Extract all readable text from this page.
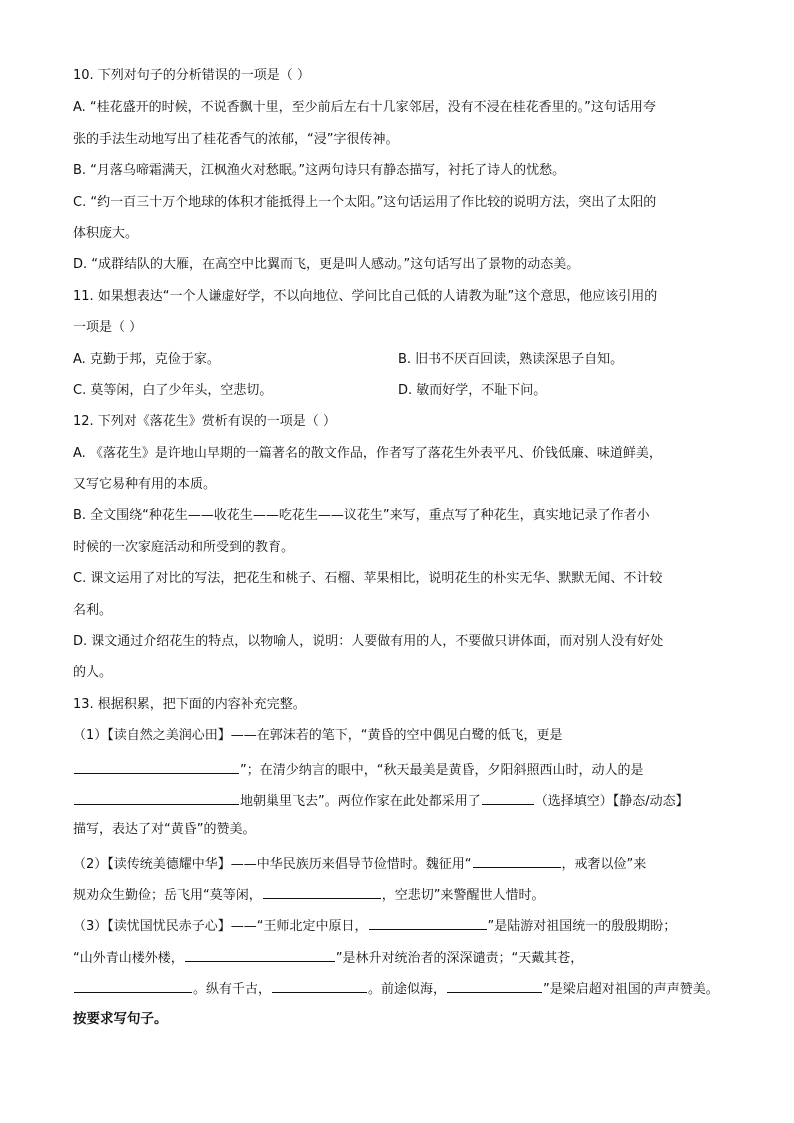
10. 下列对句子的分析错误的一项是（ ）
A. “桂花盛开的时候，不说香飘十里，至少前后左右十几家邻居，没有不浸在桂花香里的。”这句话用夸
张的手法生动地写出了桂花香气的浓郁，“浸”字很传神。
B. “月落乌啼霜满天，江枫渔火对愁眠。”这两句诗只有静态描写，衬托了诗人的忧愁。
C. “约一百三十万个地球的体积才能抵得上一个太阳。”这句话运用了作比较的说明方法，突出了太阳的
体积庞大。
D. “成群结队的大雁，在高空中比翼而飞，更是叫人感动。”这句话写出了景物的动态美。
11. 如果想表达“一个人谦虚好学，不以向地位、学问比自己低的人请教为耻”这个意思，他应该引用的
一项是（ ）
A. 克勤于邦，克俭于家。	B. 旧书不厌百回读，熟读深思子自知。
C. 莫等闲，白了少年头，空悲切。	D. 敏而好学，不耻下问。
12. 下列对《落花生》赏析有误的一项是（ ）
A. 《落花生》是许地山早期的一篇著名的散文作品，作者写了落花生外表平凡、价钱低廉、味道鲜美，
又写它易种有用的本质。
B. 全文围绕“种花生——收花生——吃花生——议花生”来写，重点写了种花生，真实地记录了作者小
时候的一次家庭活动和所受到的教育。
C. 课文运用了对比的写法，把花生和桃子、石榴、苹果相比，说明花生的朴实无华、默默无闻、不计较
名利。
D. 课文通过介绍花生的特点，以物喻人，说明：人要做有用的人，不要做只讲体面，而对别人没有好处
的人。
13. 根据积累，把下面的内容补充完整。
（1）【读自然之美润心田】——在郭沫若的笔下，“黄昏的空中偶见白鹭的低飞，更是
”；在清少纳言的眼中，“秋天最美是黄昏，夕阳斜照西山时，动人的是
地朝巢里飞去”。两位作家在此处都采用了	（选择填空）【静态/动态】
描写，表达了对“黄昏”的赞美。
（2）【读传统美德耀中华】——中华民族历来倡导节俭惜时。魏征用“	，戒奢以俭”来
规劝众生勤俭；岳飞用“莫等闲，	，空悲切”来警醒世人惜时。
（3）【读忧国忧民赤子心】——“王师北定中原日，	”是陆游对祖国统一的殷殷期盼；
“山外青山楼外楼，	”是林升对统治者的深深谴责；“天戴其苍，
。纵有千古，	。前途似海，	”是梁启超对祖国的声声赞美。
按要求写句子。
